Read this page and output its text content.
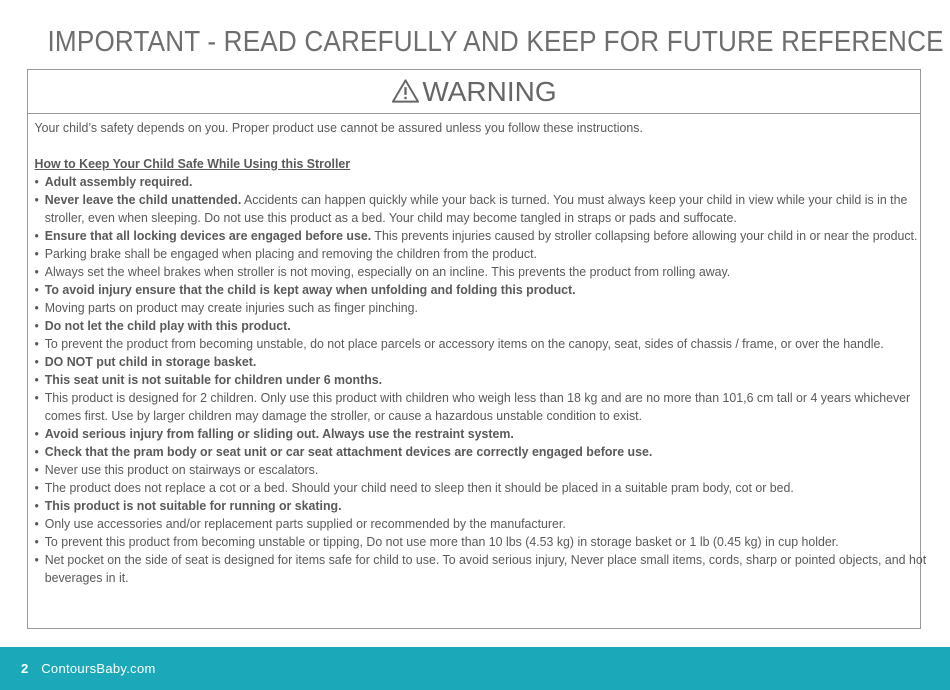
IMPORTANT - READ CAREFULLY AND KEEP FOR FUTURE REFERENCE
WARNING

Your child’s safety depends on you. Proper product use cannot be assured unless you follow these instructions.

How to Keep Your Child Safe While Using this Stroller

• Adult assembly required.
• Never leave the child unattended. Accidents can happen quickly while your back is turned. You must always keep your child in view while your child is in the stroller, even when sleeping. Do not use this product as a bed. Your child may become tangled in straps or pads and suffocate.
• Ensure that all locking devices are engaged before use. This prevents injuries caused by stroller collapsing before allowing your child in or near the product.
• Parking brake shall be engaged when placing and removing the children from the product.
• Always set the wheel brakes when stroller is not moving, especially on an incline. This prevents the product from rolling away.
• To avoid injury ensure that the child is kept away when unfolding and folding this product.
• Moving parts on product may create injuries such as finger pinching.
• Do not let the child play with this product.
• To prevent the product from becoming unstable, do not place parcels or accessory items on the canopy, seat, sides of chassis / frame, or over the handle.
• DO NOT put child in storage basket.
• This seat unit is not suitable for children under 6 months.
• This product is designed for 2 children. Only use this product with children who weigh less than 18 kg and are no more than 101,6 cm tall or 4 years whichever comes first. Use by larger children may damage the stroller, or cause a hazardous unstable condition to exist.
• Avoid serious injury from falling or sliding out. Always use the restraint system.
• Check that the pram body or seat unit or car seat attachment devices are correctly engaged before use.
• Never use this product on stairways or escalators.
• The product does not replace a cot or a bed. Should your child need to sleep then it should be placed in a suitable pram body, cot or bed.
• This product is not suitable for running or skating.
• Only use accessories and/or replacement parts supplied or recommended by the manufacturer.
• To prevent this product from becoming unstable or tipping, Do not use more than 10 lbs (4.53 kg) in storage basket or 1 lb (0.45 kg) in cup holder.
• Net pocket on the side of seat is designed for items safe for child to use. To avoid serious injury, Never place small items, cords, sharp or pointed objects, and hot beverages in it.
2 ContoursBaby.com
